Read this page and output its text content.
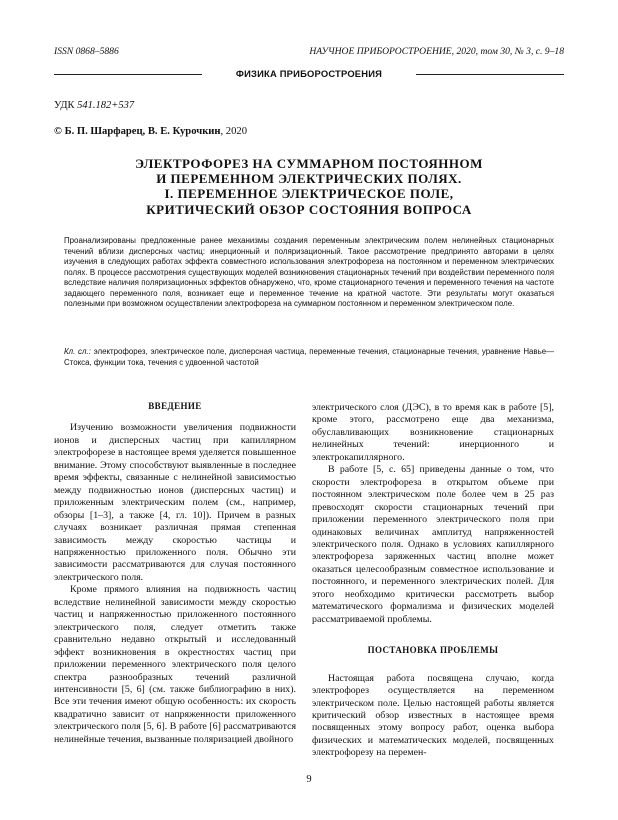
ISSN 0868–5886	НАУЧНОЕ ПРИБОРОСТРОЕНИЕ, 2020, том 30, № 3, с. 9–18
ФИЗИКА ПРИБОРОСТРОЕНИЯ
УДК 541.182+537
© Б. П. Шарфарец, В. Е. Курочкин, 2020
ЭЛЕКТРОФОРЕЗ НА СУММАРНОМ ПОСТОЯННОМ
И ПЕРЕМЕННОМ ЭЛЕКТРИЧЕСКИХ ПОЛЯХ.
I. ПЕРЕМЕННОЕ ЭЛЕКТРИЧЕСКОЕ ПОЛЕ,
КРИТИЧЕСКИЙ ОБЗОР СОСТОЯНИЯ ВОПРОСА
Проанализированы предложенные ранее механизмы создания переменным электрическим полем нелинейных стационарных течений вблизи дисперсных частиц: инерционный и поляризационный. Такое рассмотрение предпринято авторами в целях изучения в следующих работах эффекта совместного использования электрофореза на постоянном и переменном электрических полях. В процессе рассмотрения существующих моделей возникновения стационарных течений при воздействии переменного поля вследствие наличия поляризационных эффектов обнаружено, что, кроме стационарного течения и переменного течения на частоте задающего переменного поля, возникает еще и переменное течение на кратной частоте. Эти результаты могут оказаться полезными при возможном осуществлении электрофореза на суммарном постоянном и переменном электрическом поле.
Кл. сл.: электрофорез, электрическое поле, дисперсная частица, переменные течения, стационарные течения, уравнение Навье—Стокса, функции тока, течения с удвоенной частотой
ВВЕДЕНИЕ

Изучению возможности увеличения подвижности ионов и дисперсных частиц при капиллярном электрофорезе в настоящее время уделяется повышенное внимание. Этому способствуют выявленные в последнее время эффекты, связанные с нелинейной зависимостью между подвижностью ионов (дисперсных частиц) и приложенным электрическим полем (см., например, обзоры [1–3], а также [4, гл. 10]). Причем в разных случаях возникает различная прямая степенная зависимость между скоростью частицы и напряженностью приложенного поля. Обычно эти зависимости рассматриваются для случая постоянного электрического поля.

Кроме прямого влияния на подвижность частиц вследствие нелинейной зависимости между скоростью частиц и напряженностью приложенного постоянного электрического поля, следует отметить также сравнительно недавно открытый и исследованный эффект возникновения в окрестностях частиц при приложении переменного электрического поля целого спектра разнообразных течений различной интенсивности [5, 6] (см. также библиографию в них). Все эти течения имеют общую особенность: их скорость квадратично зависит от напряженности приложенного электрического поля [5, 6]. В работе [6] рассматриваются нелинейные течения, вызванные поляризацией двойного

электрического слоя (ДЭС), в то время как в работе [5], кроме этого, рассмотрено еще два механизма, обуславливающих возникновение стационарных нелинейных течений: инерционного и электрокапиллярного.

В работе [5, с. 65] приведены данные о том, что скорости электрофореза в открытом объеме при постоянном электрическом поле более чем в 25 раз превосходят скорости стационарных течений при приложении переменного электрического поля при одинаковых величинах амплитуд напряженностей электрического поля. Однако в условиях капиллярного электрофореза заряженных частиц вполне может оказаться целесообразным совместное использование и постоянного, и переменного электрических полей. Для этого необходимо критически рассмотреть выбор математического формализма и физических моделей рассматриваемой проблемы.

ПОСТАНОВКА ПРОБЛЕМЫ

Настоящая работа посвящена случаю, когда электрофорез осуществляется на переменном электрическом поле. Целью настоящей работы является критический обзор известных в настоящее время посвященных этому вопросу работ, оценка выбора физических и математических моделей, посвященных электрофорезу на перемен-

9
